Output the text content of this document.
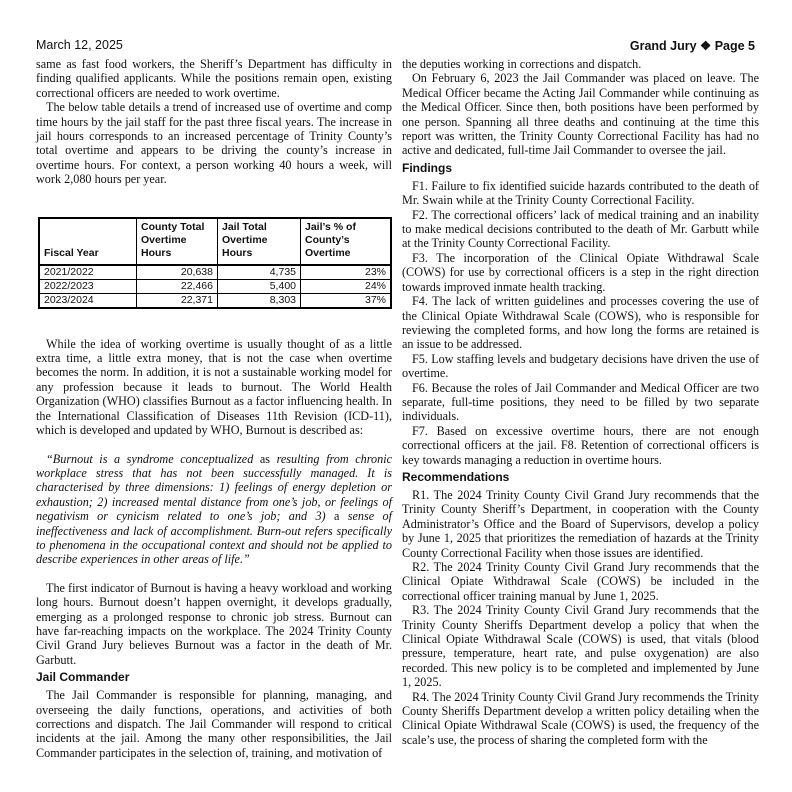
March 12, 2025	Grand Jury ❖ Page 5

same as fast food workers, the Sheriff’s Department has difficulty in finding qualified applicants. While the positions remain open, existing correctional officers are needed to work overtime.

The below table details a trend of increased use of overtime and comp time hours by the jail staff for the past three fiscal years. The increase in jail hours corresponds to an increased percentage of Trinity County’s total overtime and appears to be driving the county’s increase in overtime hours. For context, a person working 40 hours a week, will work 2,080 hours per year.

Fiscal Year	County Total Overtime Hours	Jail Total Overtime Hours	Jail’s % of County’s Overtime
2021/2022	20,638	4,735	23%
2022/2023	22,466	5,400	24%
2023/2024	22,371	8,303	37%

While the idea of working overtime is usually thought of as a little extra time, a little extra money, that is not the case when overtime becomes the norm. In addition, it is not a sustainable working model for any profession because it leads to burnout. The World Health Organization (WHO) classifies Burnout as a factor influencing health. In the International Classification of Diseases 11th Revision (ICD-11), which is developed and updated by WHO, Burnout is described as:

“Burnout is a syndrome conceptualized as resulting from chronic workplace stress that has not been successfully managed. It is characterised by three dimensions: 1) feelings of energy depletion or exhaustion; 2) increased mental distance from one’s job, or feelings of negativism or cynicism related to one’s job; and 3) a sense of ineffectiveness and lack of accomplishment. Burn-out refers specifically to phenomena in the occupational context and should not be applied to describe experiences in other areas of life.”

The first indicator of Burnout is having a heavy workload and working long hours. Burnout doesn’t happen overnight, it develops gradually, emerging as a prolonged response to chronic job stress. Burnout can have far-reaching impacts on the workplace. The 2024 Trinity County Civil Grand Jury believes Burnout was a factor in the death of Mr. Garbutt.

Jail Commander

The Jail Commander is responsible for planning, managing, and overseeing the daily functions, operations, and activities of both corrections and dispatch. The Jail Commander will respond to critical incidents at the jail. Among the many other responsibilities, the Jail Commander participates in the selection of, training, and motivation of

the deputies working in corrections and dispatch.

On February 6, 2023 the Jail Commander was placed on leave. The Medical Officer became the Acting Jail Commander while continuing as the Medical Officer. Since then, both positions have been performed by one person. Spanning all three deaths and continuing at the time this report was written, the Trinity County Correctional Facility has had no active and dedicated, full-time Jail Commander to oversee the jail.

Findings

F1. Failure to fix identified suicide hazards contributed to the death of Mr. Swain while at the Trinity County Correctional Facility.

F2. The correctional officers’ lack of medical training and an inability to make medical decisions contributed to the death of Mr. Garbutt while at the Trinity County Correctional Facility.

F3. The incorporation of the Clinical Opiate Withdrawal Scale (COWS) for use by correctional officers is a step in the right direction towards improved inmate health tracking.

F4. The lack of written guidelines and processes covering the use of the Clinical Opiate Withdrawal Scale (COWS), who is responsible for reviewing the completed forms, and how long the forms are retained is an issue to be addressed.

F5. Low staffing levels and budgetary decisions have driven the use of overtime.

F6. Because the roles of Jail Commander and Medical Officer are two separate, full-time positions, they need to be filled by two separate individuals.

F7. Based on excessive overtime hours, there are not enough correctional officers at the jail. F8. Retention of correctional officers is key towards managing a reduction in overtime hours.

Recommendations

R1. The 2024 Trinity County Civil Grand Jury recommends that the Trinity County Sheriff’s Department, in cooperation with the County Administrator’s Office and the Board of Supervisors, develop a policy by June 1, 2025 that prioritizes the remediation of hazards at the Trinity County Correctional Facility when those issues are identified.

R2. The 2024 Trinity County Civil Grand Jury recommends that the Clinical Opiate Withdrawal Scale (COWS) be included in the correctional officer training manual by June 1, 2025.

R3. The 2024 Trinity County Civil Grand Jury recommends that the Trinity County Sheriffs Department develop a policy that when the Clinical Opiate Withdrawal Scale (COWS) is used, that vitals (blood pressure, temperature, heart rate, and pulse oxygenation) are also recorded. This new policy is to be completed and implemented by June 1, 2025.

R4. The 2024 Trinity County Civil Grand Jury recommends the Trinity County Sheriffs Department develop a written policy detailing when the Clinical Opiate Withdrawal Scale (COWS) is used, the frequency of the scale’s use, the process of sharing the completed form with the
